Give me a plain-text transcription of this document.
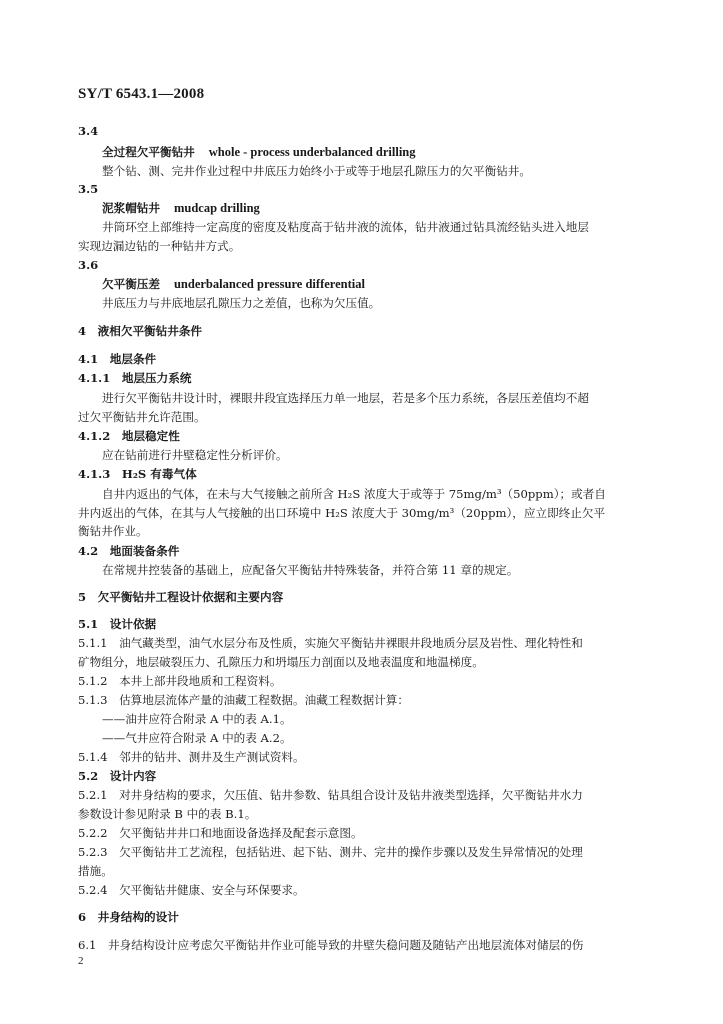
SY/T 6543.1—2008
3.4
全过程欠平衡钻井 whole - process underbalanced drilling
整个钻、测、完井作业过程中井底压力始终小于或等于地层孔隙压力的欠平衡钻井。
3.5
泥浆帽钻井 mudcap drilling
井筒环空上部维持一定高度的密度及粘度高于钻井液的流体，钻井液通过钻具流经钻头进入地层
实现边漏边钻的一种钻井方式。
3.6
欠平衡压差 underbalanced pressure differential
井底压力与井底地层孔隙压力之差值，也称为欠压值。
4　液相欠平衡钻井条件
4.1　地层条件
4.1.1　地层压力系统
进行欠平衡钻井设计时，裸眼井段宜选择压力单一地层，若是多个压力系统，各层压差值均不超
过欠平衡钻井允许范围。
4.1.2　地层稳定性
应在钻前进行井壁稳定性分析评价。
4.1.3　H₂S 有毒气体
自井内返出的气体，在未与大气接触之前所含 H₂S 浓度大于或等于 75mg/m³（50ppm）；或者自
井内返出的气体，在其与人气接触的出口环境中 H₂S 浓度大于 30mg/m³（20ppm），应立即终止欠平
衡钻井作业。
4.2　地面装备条件
在常规井控装备的基础上，应配备欠平衡钻井特殊装备，并符合第 11 章的规定。
5　欠平衡钻井工程设计依据和主要内容
5.1　设计依据
5.1.1　油气藏类型，油气水层分布及性质，实施欠平衡钻井裸眼井段地质分层及岩性、理化特性和
矿物组分，地层破裂压力、孔隙压力和坍塌压力剖面以及地表温度和地温梯度。
5.1.2　本井上部井段地质和工程资料。
5.1.3　估算地层流体产量的油藏工程数据。油藏工程数据计算：
——油井应符合附录 A 中的表 A.1。
——气井应符合附录 A 中的表 A.2。
5.1.4　邻井的钻井、测井及生产测试资料。
5.2　设计内容
5.2.1　对井身结构的要求，欠压值、钻井参数、钻具组合设计及钻井液类型选择，欠平衡钻井水力
参数设计参见附录 B 中的表 B.1。
5.2.2　欠平衡钻井井口和地面设备选择及配套示意图。
5.2.3　欠平衡钻井工艺流程，包括钻进、起下钻、测井、完井的操作步骤以及发生异常情况的处理
措施。
5.2.4　欠平衡钻井健康、安全与环保要求。
6　井身结构的设计
6.1　井身结构设计应考虑欠平衡钻井作业可能导致的井壁失稳问题及随钻产出地层流体对储层的伤
2
